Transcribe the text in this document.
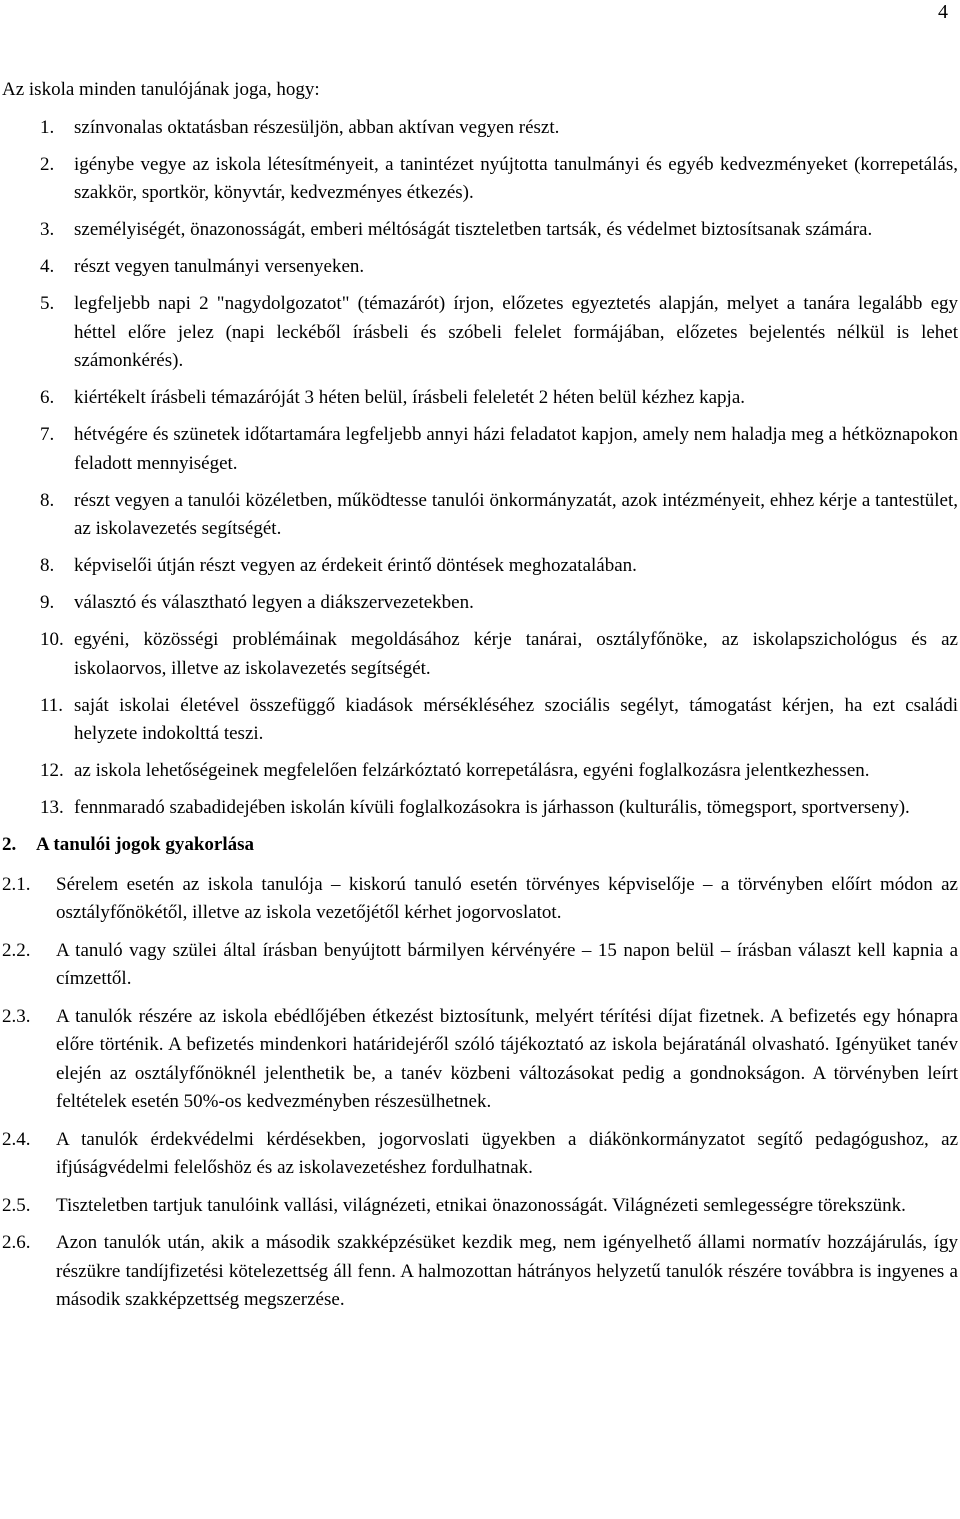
4

Az iskola minden tanulójának joga, hogy:

1.	színvonalas oktatásban részesüljön, abban aktívan vegyen részt.
2.	igénybe vegye az iskola létesítményeit, a tanintézet nyújtotta tanulmányi és egyéb kedvezményeket (korrepetálás, szakkör, sportkör, könyvtár, kedvezményes étkezés).
3.	személyiségét, önazonosságát, emberi méltóságát tiszteletben tartsák, és védelmet biztosítsanak számára.
4.	részt vegyen tanulmányi versenyeken.
5.	legfeljebb napi 2 "nagydolgozatot" (témazárót) írjon, előzetes egyeztetés alapján, melyet a tanára legalább egy héttel előre jelez (napi leckéből írásbeli és szóbeli felelet formájában, előzetes bejelentés nélkül is lehet számonkérés).
6.	kiértékelt írásbeli témazáróját 3 héten belül, írásbeli feleletét 2 héten belül kézhez kapja.
7.	hétvégére és szünetek időtartamára legfeljebb annyi házi feladatot kapjon, amely nem haladja meg a hétköznapokon feladott mennyiséget.
8.	részt vegyen a tanulói közéletben, működtesse tanulói önkormányzatát, azok intézményeit, ehhez kérje a tantestület, az iskolavezetés segítségét.
8.	képviselői útján részt vegyen az érdekeit érintő döntések meghozatalában.
9.	választó és választható legyen a diákszervezetekben.
10. egyéni, közösségi problémáinak megoldásához kérje tanárai, osztályfőnöke, az iskolapszichológus és az iskolaorvos, illetve az iskolavezetés segítségét.
11. saját iskolai életével összefüggő kiadások mérsékléséhez szociális segélyt, támogatást kérjen, ha ezt családi helyzete indokolttá teszi.
12. az iskola lehetőségeinek megfelelően felzárkóztató korrepetálásra, egyéni foglalkozásra jelentkezhessen.
13. fennmaradó szabadidejében iskolán kívüli foglalkozásokra is járhasson (kulturális, tömegsport, sportverseny).
2. A tanulói jogok gyakorlása
2.1.	Sérelem esetén az iskola tanulója – kiskorú tanuló esetén törvényes képviselője – a törvényben előírt módon az osztályfőnökétől, illetve az iskola vezetőjétől kérhet jogorvoslatot.
2.2.	A tanuló vagy szülei által írásban benyújtott bármilyen kérvényére – 15 napon belül – írásban választ kell kapnia a címzettől.
2.3.	A tanulók részére az iskola ebédlőjében étkezést biztosítunk, melyért térítési díjat fizetnek. A befizetés egy hónapra előre történik. A befizetés mindenkori határidejéről szóló tájékoztató az iskola bejáratánál olvasható. Igényüket tanév elején az osztályfőnöknél jelenthetik be, a tanév közbeni változásokat pedig a gondnokságon. A törvényben leírt feltételek esetén 50%-os kedvezményben részesülhetnek.
2.4.	A tanulók érdekvédelmi kérdésekben, jogorvoslati ügyekben a diákönkormányzatot segítő pedagógushoz, az ifjúságvédelmi felelőshöz és az iskolavezetéshez fordulhatnak.
2.5.	Tiszteletben tartjuk tanulóink vallási, világnézeti, etnikai önazonosságát. Világnézeti semlegességre törekszünk.
2.6.	Azon tanulók után, akik a második szakképzésüket kezdik meg, nem igényelhető állami normatív hozzájárulás, így részükre tandíjfizetési kötelezettség áll fenn. A halmozottan hátrányos helyzetű tanulók részére továbbra is ingyenes a második szakképzettség megszerzése.
